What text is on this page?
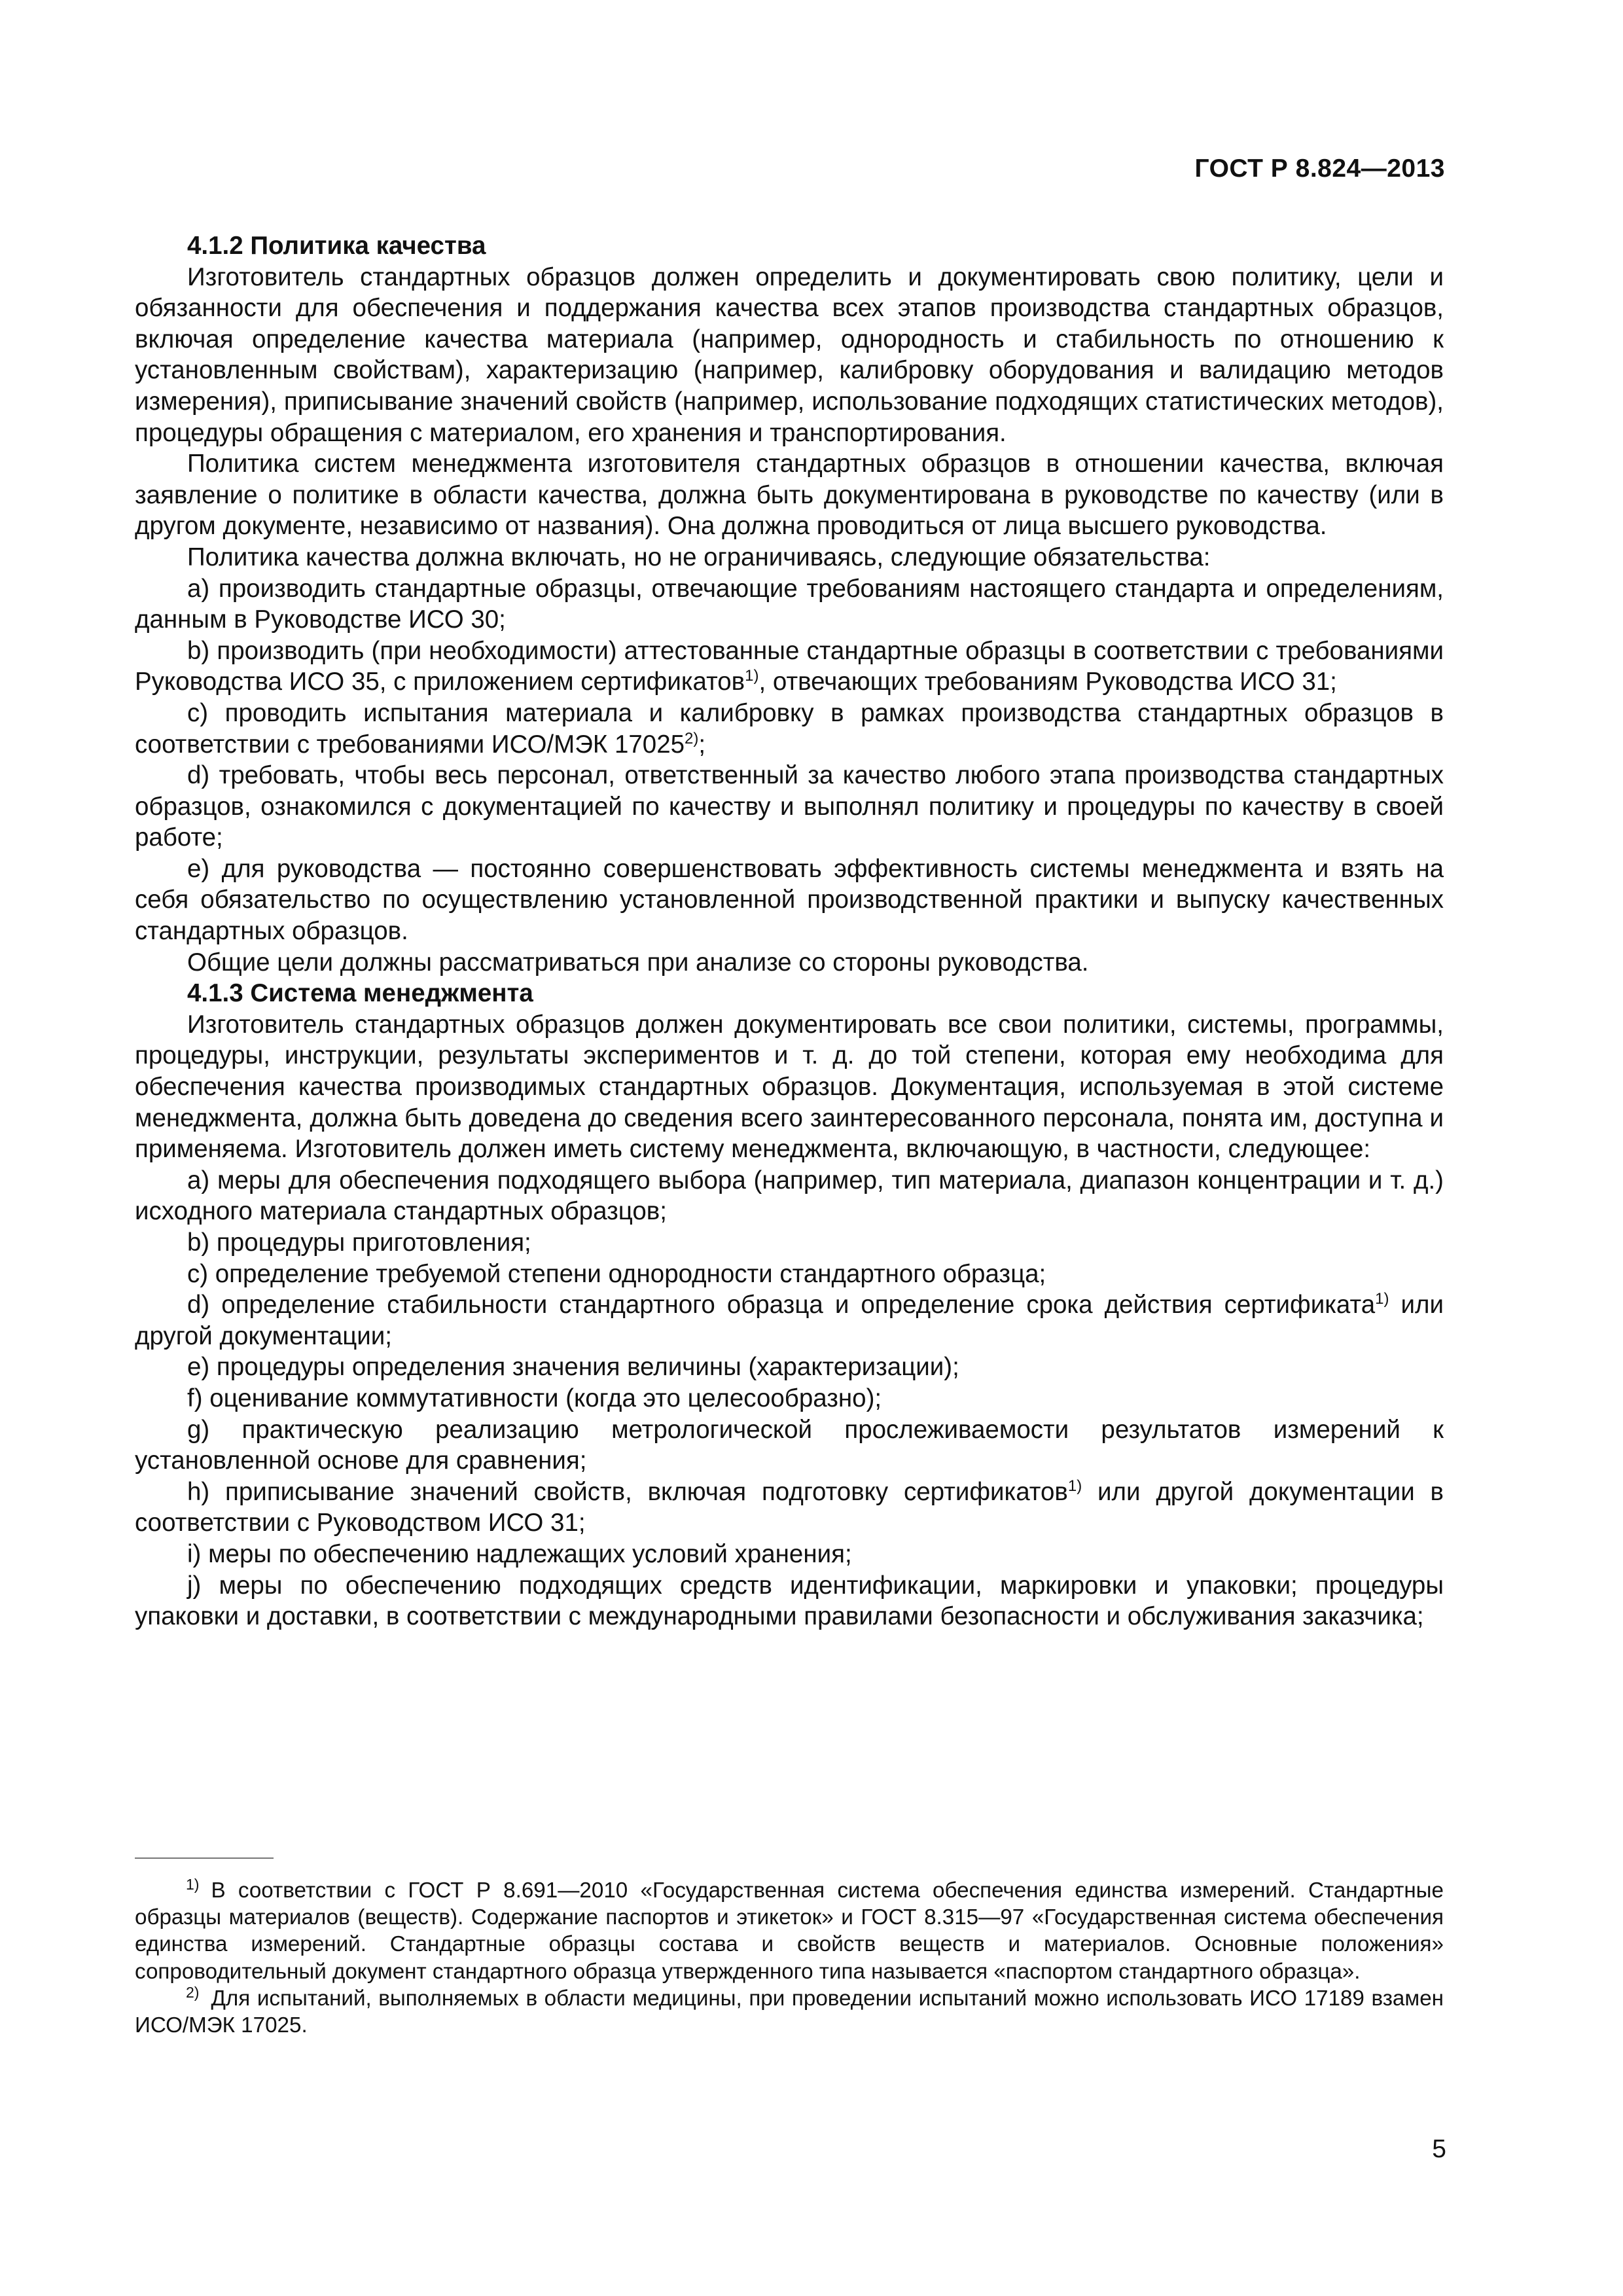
ГОСТ Р 8.824—2013

4.1.2 Политика качества

Изготовитель стандартных образцов должен определить и документировать свою политику, цели и обязанности для обеспечения и поддержания качества всех этапов производства стандартных образцов, включая определение качества материала (например, однородность и стабильность по отношению к установленным свойствам), характеризацию (например, калибровку оборудования и валидацию методов измерения), приписывание значений свойств (например, использование подходящих статистических методов), процедуры обращения с материалом, его хранения и транспортирования.

Политика систем менеджмента изготовителя стандартных образцов в отношении качества, включая заявление о политике в области качества, должна быть документирована в руководстве по качеству (или в другом документе, независимо от названия). Она должна проводиться от лица высшего руководства.

Политика качества должна включать, но не ограничиваясь, следующие обязательства:

а) производить стандартные образцы, отвечающие требованиям настоящего стандарта и определениям, данным в Руководстве ИСО 30;

b) производить (при необходимости) аттестованные стандартные образцы в соответствии с требованиями Руководства ИСО 35, с приложением сертификатов$^{1)}$, отвечающих требованиям Руководства ИСО 31;

с) проводить испытания материала и калибровку в рамках производства стандартных образцов в соответствии с требованиями ИСО/МЭК 17025$^{2)}$;

d) требовать, чтобы весь персонал, ответственный за качество любого этапа производства стандартных образцов, ознакомился с документацией по качеству и выполнял политику и процедуры по качеству в своей работе;

е) для руководства — постоянно совершенствовать эффективность системы менеджмента и взять на себя обязательство по осуществлению установленной производственной практики и выпуску качественных стандартных образцов.

Общие цели должны рассматриваться при анализе со стороны руководства.

4.1.3 Система менеджмента

Изготовитель стандартных образцов должен документировать все свои политики, системы, программы, процедуры, инструкции, результаты экспериментов и т. д. до той степени, которая ему необходима для обеспечения качества производимых стандартных образцов. Документация, используемая в этой системе менеджмента, должна быть доведена до сведения всего заинтересованного персонала, понята им, доступна и применяема. Изготовитель должен иметь систему менеджмента, включающую, в частности, следующее:

а) меры для обеспечения подходящего выбора (например, тип материала, диапазон концентрации и т. д.) исходного материала стандартных образцов;

b) процедуры приготовления;

с) определение требуемой степени однородности стандартного образца;

d) определение стабильности стандартного образца и определение срока действия сертификата$^{1)}$ или другой документации;

е) процедуры определения значения величины (характеризации);

f) оценивание коммутативности (когда это целесообразно);

g) практическую реализацию метрологической прослеживаемости результатов измерений к установленной основе для сравнения;

h) приписывание значений свойств, включая подготовку сертификатов$^{1)}$ или другой документации в соответствии с Руководством ИСО 31;

i) меры по обеспечению надлежащих условий хранения;

j) меры по обеспечению подходящих средств идентификации, маркировки и упаковки; процедуры упаковки и доставки, в соответствии с международными правилами безопасности и обслуживания заказчика;

$^{1)}$ В соответствии с ГОСТ Р 8.691—2010 «Государственная система обеспечения единства измерений. Стандартные образцы материалов (веществ). Содержание паспортов и этикеток» и ГОСТ 8.315—97 «Государственная система обеспечения единства измерений. Стандартные образцы состава и свойств веществ и материалов. Основные положения» сопроводительный документ стандартного образца утвержденного типа называется «паспортом стандартного образца».

$^{2)}$ Для испытаний, выполняемых в области медицины, при проведении испытаний можно использовать ИСО 17189 взамен ИСО/МЭК 17025.

5
